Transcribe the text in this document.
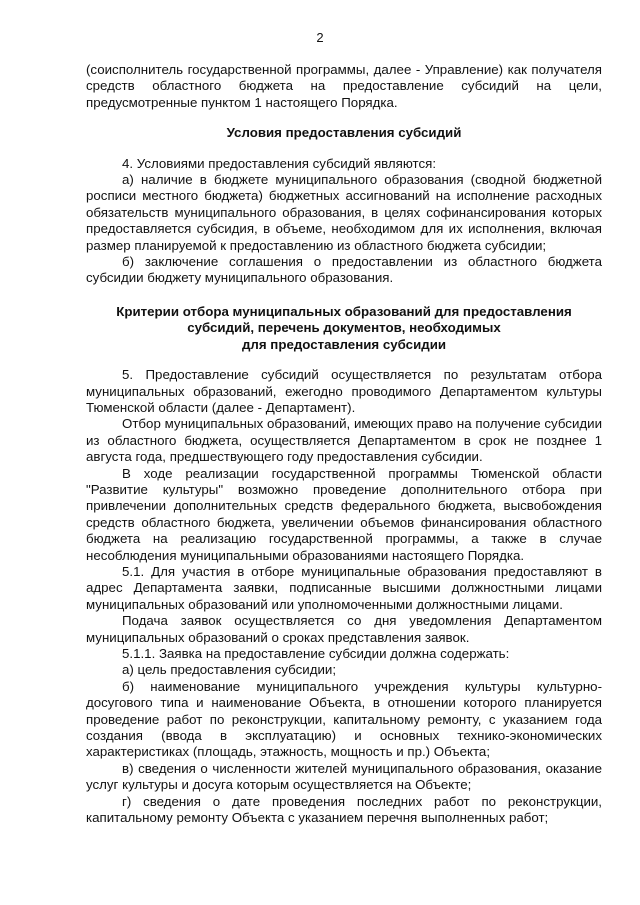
2

(соисполнитель государственной программы, далее - Управление) как получателя средств областного бюджета на предоставление субсидий на цели, предусмотренные пунктом 1 настоящего Порядка.

Условия предоставления субсидий

4. Условиями предоставления субсидий являются:

а) наличие в бюджете муниципального образования (сводной бюджетной росписи местного бюджета) бюджетных ассигнований на исполнение расходных обязательств муниципального образования, в целях софинансирования которых предоставляется субсидия, в объеме, необходимом для их исполнения, включая размер планируемой к предоставлению из областного бюджета субсидии;

б) заключение соглашения о предоставлении из областного бюджета субсидии бюджету муниципального образования.

Критерии отбора муниципальных образований для предоставления
субсидий, перечень документов, необходимых
для предоставления субсидии

5. Предоставление субсидий осуществляется по результатам отбора муниципальных образований, ежегодно проводимого Департаментом культуры Тюменской области (далее - Департамент).

Отбор муниципальных образований, имеющих право на получение субсидии из областного бюджета, осуществляется Департаментом в срок не позднее 1 августа года, предшествующего году предоставления субсидии.

В ходе реализации государственной программы Тюменской области "Развитие культуры" возможно проведение дополнительного отбора при привлечении дополнительных средств федерального бюджета, высвобождения средств областного бюджета, увеличении объемов финансирования областного бюджета на реализацию государственной программы, а также в случае несоблюдения муниципальными образованиями настоящего Порядка.

5.1. Для участия в отборе муниципальные образования предоставляют в адрес Департамента заявки, подписанные высшими должностными лицами муниципальных образований или уполномоченными должностными лицами.

Подача заявок осуществляется со дня уведомления Департаментом муниципальных образований о сроках представления заявок.

5.1.1. Заявка на предоставление субсидии должна содержать:

а) цель предоставления субсидии;

б) наименование муниципального учреждения культуры культурно-досугового типа и наименование Объекта, в отношении которого планируется проведение работ по реконструкции, капитальному ремонту, с указанием года создания (ввода в эксплуатацию) и основных технико-экономических характеристиках (площадь, этажность, мощность и пр.) Объекта;

в) сведения о численности жителей муниципального образования, оказание услуг культуры и досуга которым осуществляется на Объекте;

г) сведения о дате проведения последних работ по реконструкции, капитальному ремонту Объекта с указанием перечня выполненных работ;
